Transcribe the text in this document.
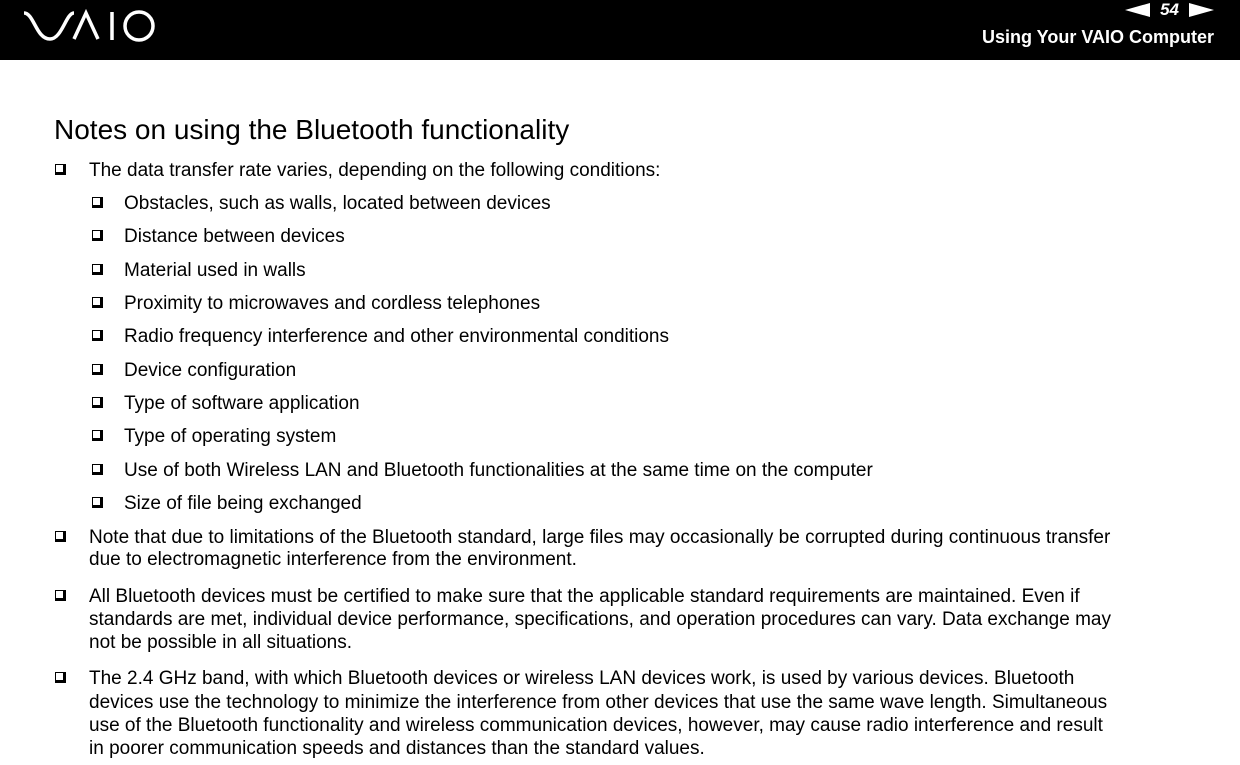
54
Using Your VAIO Computer
Notes on using the Bluetooth functionality
The data transfer rate varies, depending on the following conditions:
Obstacles, such as walls, located between devices
Distance between devices
Material used in walls
Proximity to microwaves and cordless telephones
Radio frequency interference and other environmental conditions
Device configuration
Type of software application
Type of operating system
Use of both Wireless LAN and Bluetooth functionalities at the same time on the computer
Size of file being exchanged
Note that due to limitations of the Bluetooth standard, large files may occasionally be corrupted during continuous transfer
due to electromagnetic interference from the environment.
All Bluetooth devices must be certified to make sure that the applicable standard requirements are maintained. Even if
standards are met, individual device performance, specifications, and operation procedures can vary. Data exchange may
not be possible in all situations.
The 2.4 GHz band, with which Bluetooth devices or wireless LAN devices work, is used by various devices. Bluetooth
devices use the technology to minimize the interference from other devices that use the same wave length. Simultaneous
use of the Bluetooth functionality and wireless communication devices, however, may cause radio interference and result
in poorer communication speeds and distances than the standard values.
